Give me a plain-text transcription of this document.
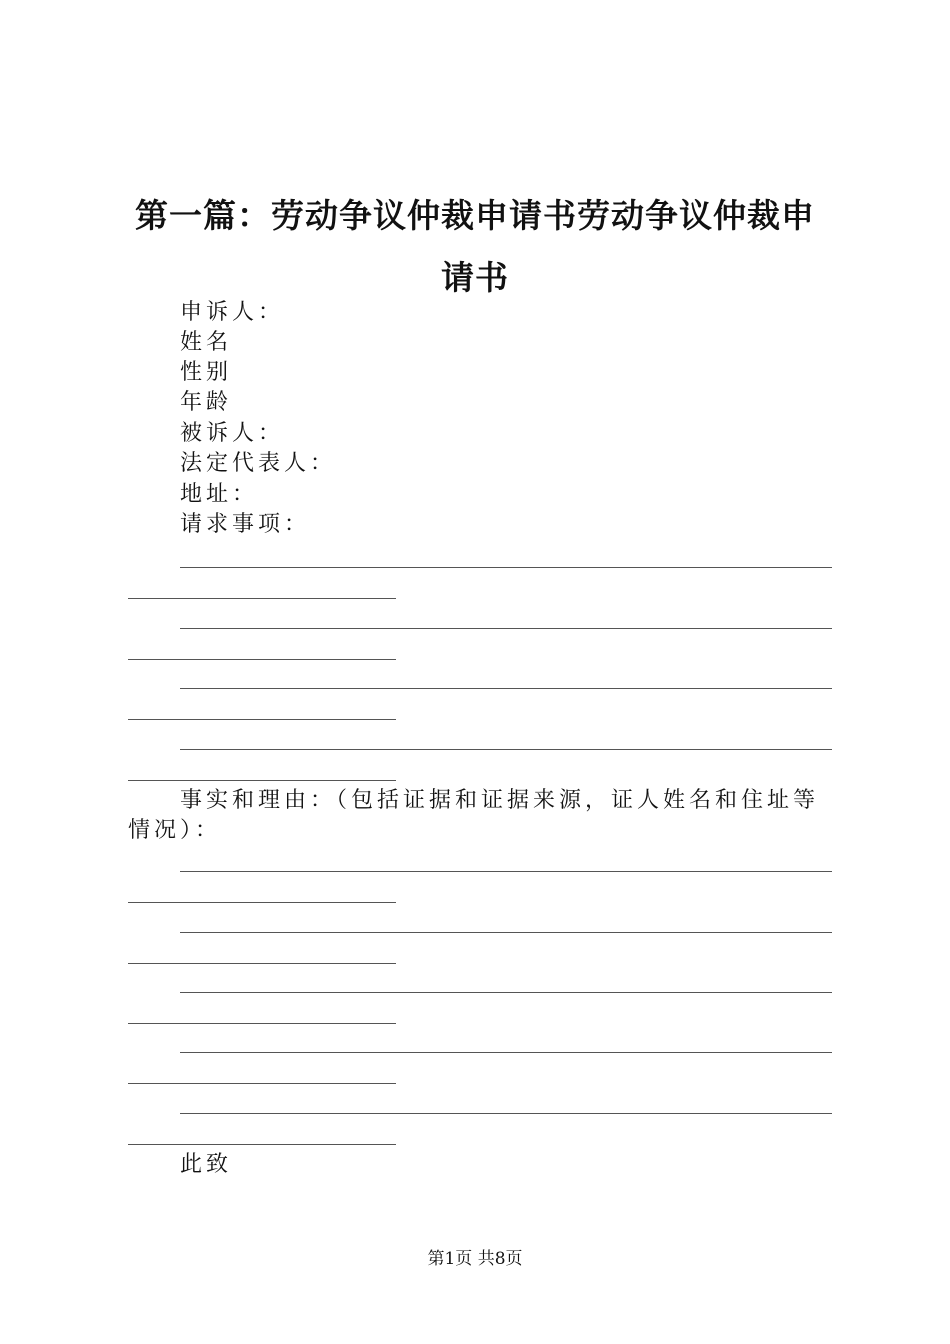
第一篇：劳动争议仲裁申请书劳动争议仲裁申
请书
申诉人：
姓名
性别
年龄
被诉人：
法定代表人：
地址：
请求事项：
事实和理由：（包括证据和证据来源，证人姓名和住址等
情况）：
此致
第1页 共8页
